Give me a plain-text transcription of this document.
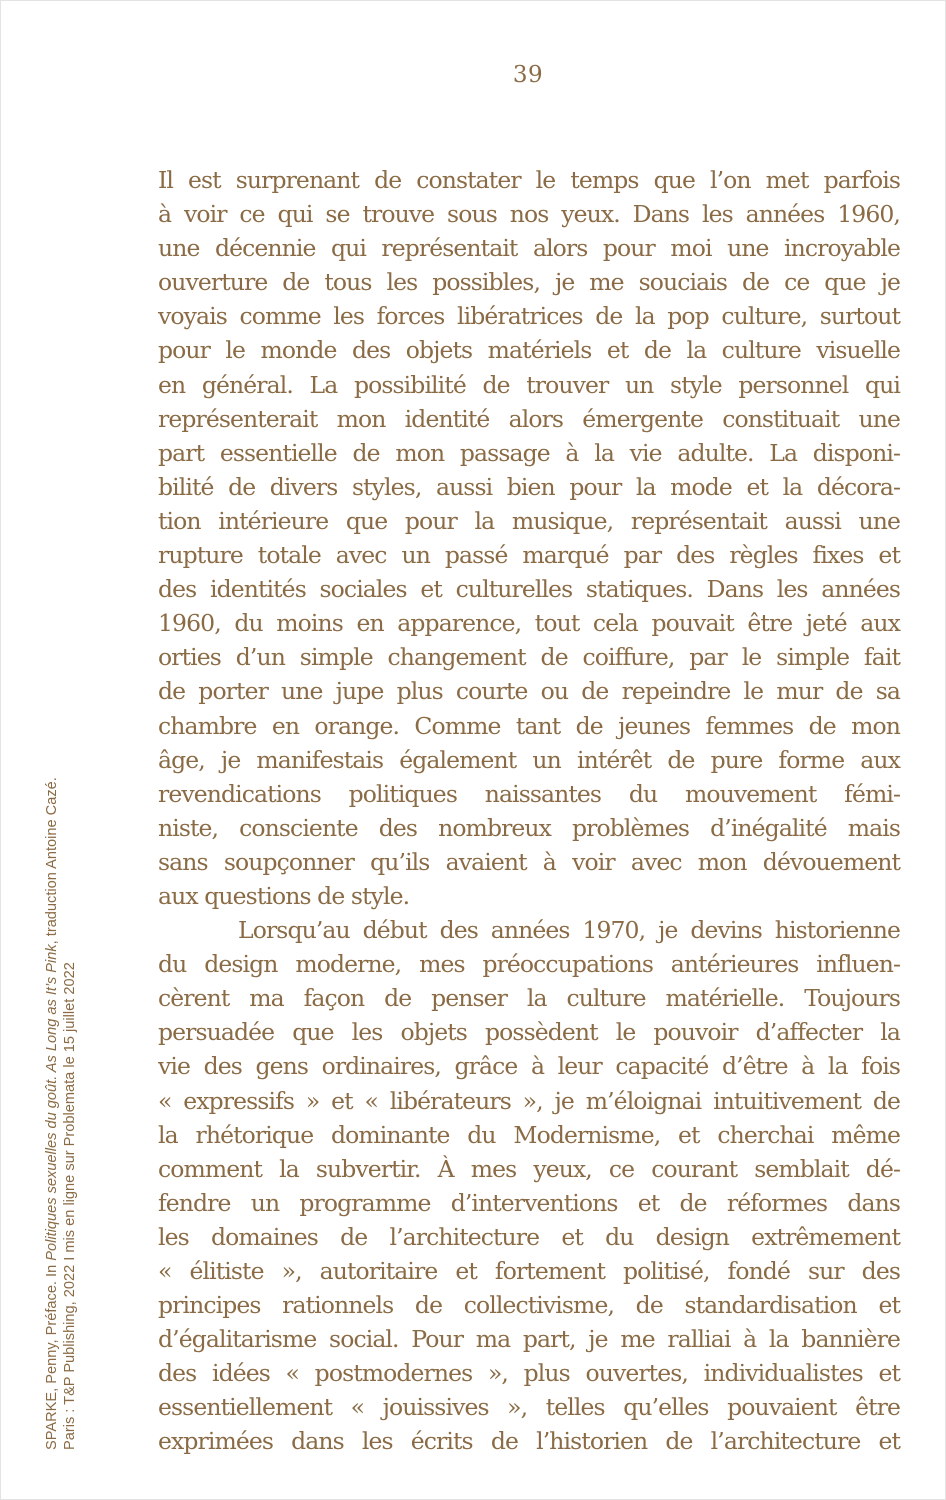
39
Il est surprenant de constater le temps que l’on met parfois
à voir ce qui se trouve sous nos yeux. Dans les années 1960,
une décennie qui représentait alors pour moi une incroyable
ouverture de tous les possibles, je me souciais de ce que je
voyais comme les forces libératrices de la pop culture, surtout
pour le monde des objets matériels et de la culture visuelle
en général. La possibilité de trouver un style personnel qui
représenterait mon identité alors émergente constituait une
part essentielle de mon passage à la vie adulte. La disponi-
bilité de divers styles, aussi bien pour la mode et la décora-
tion intérieure que pour la musique, représentait aussi une
rupture totale avec un passé marqué par des règles fixes et
des identités sociales et culturelles statiques. Dans les années
1960, du moins en apparence, tout cela pouvait être jeté aux
orties d’un simple changement de coiffure, par le simple fait
de porter une jupe plus courte ou de repeindre le mur de sa
chambre en orange. Comme tant de jeunes femmes de mon
âge, je manifestais également un intérêt de pure forme aux
revendications politiques naissantes du mouvement fémi-
niste, consciente des nombreux problèmes d’inégalité mais
sans soupçonner qu’ils avaient à voir avec mon dévouement
aux questions de style.
Lorsqu’au début des années 1970, je devins historienne
du design moderne, mes préoccupations antérieures influen-
cèrent ma façon de penser la culture matérielle. Toujours
persuadée que les objets possèdent le pouvoir d’affecter la
vie des gens ordinaires, grâce à leur capacité d’être à la fois
« expressifs » et « libérateurs », je m’éloignai intuitivement de
la rhétorique dominante du Modernisme, et cherchai même
comment la subvertir. À mes yeux, ce courant semblait dé-
fendre un programme d’interventions et de réformes dans
les domaines de l’architecture et du design extrêmement
« élitiste », autoritaire et fortement politisé, fondé sur des
principes rationnels de collectivisme, de standardisation et
d’égalitarisme social. Pour ma part, je me ralliai à la bannière
des idées « postmodernes », plus ouvertes, individualistes et
essentiellement « jouissives », telles qu’elles pouvaient être
exprimées dans les écrits de l’historien de l’architecture et
SPARKE, Penny, Préface. In Politiques sexuelles du goût. As Long as It’s Pink, traduction Antoine Cazé.
Paris : T&P Publishing, 2022 I mis en ligne sur Problemata le 15 juillet 2022
